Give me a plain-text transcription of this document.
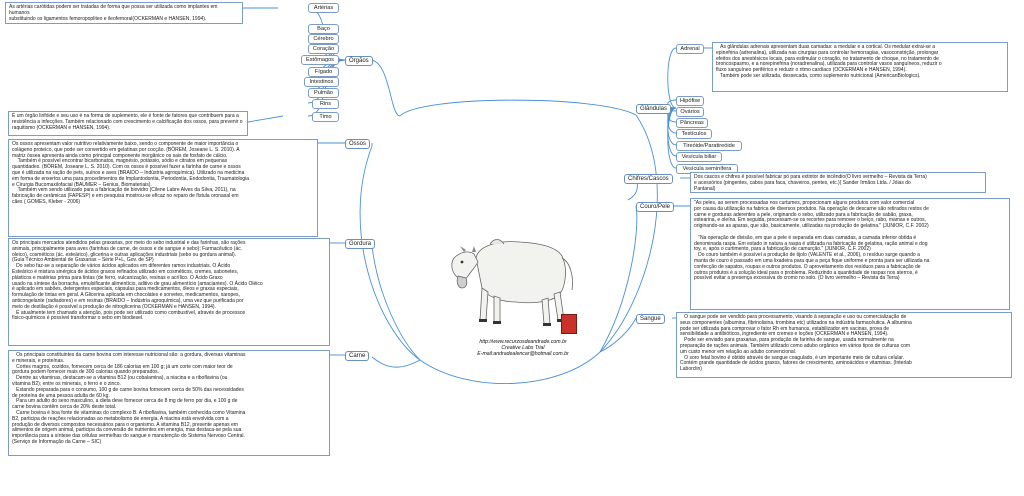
Órgãos
Artérias
Baço
Cérebro
Coração
Estômagos
Fígado
Intestinos
Pulmão
Rins
Timo
As artérias carótidas podem ser tratadas de forma que possa ser utilizada como implantes em humanos
substituindo os ligamentos femoropopliteo e ileofemoral(OCKERMAN e HANSEN, 1994).
É um órgão linfóide e seu uso é na forma de suplemento, ele é fonte de fatores que contribuem para a
resistência a infecções. Também relacionado com crescimento e calcificação dos ossos, para prevenir o
raquitismo (OCKERMAN e HANSEN, 1994).
Ossos
Os ossos apresentam valor nutritivo relativamente baixo, sendo o componente de maior importância o
colágeno proteico, que pode ser convertido em gelatinas por cocção. (BÖREM, Joseane L. S. 2010). A
matriz óssea apresenta ainda como principal componente inorgânico os sais de fosfato de cálcio.
Também é possível encontrar bicarbonatos, magnésio, potássio, sódio e citratos em pequenas
quantidades. (BÖREM, Joseane L. S. 2010). Com os ossos é possível fazer a farinha de carne e ossos
que é utilizada na ração de pets, suínos e aves (BRAIDO – Indústria agroquímica). Utilizado na medicina
em forma de enxertos uma para procedimentos de Implantodontia, Periodontia, Endodontia, Traumatologia
e Cirurgia Bucomaxilofacial (BAUMER – Genius, Biomateriais).
Também vem sendo utilizado para a fabricação de biovidro (Cilene Labre Alves da Silva, 2011), na
fabricação de cerâmicas (FAPESP) e em pesquisa mostrou-se eficaz no reparo de fístula oronasal em
cães ( GOMES, Kleber - 2006)
Gordura
Os principais mercados atendidos pelas graxarias, por meio do sebo industrial e das farinhas, são rações
animais, principalmente para aves (farinhas de carne, de ossos e de sangue e sebo); Farmacêutico (ác.
oleico), cosméticos (ác. esteárico), glicerina e outras aplicações industriais (sebo ou gordura animal).
(Guia Técnico Ambiental de Graxarias – Série P+L, Gov. de SP)
Do sebo faz-se a separação de vários ácidos aplicados em diferentes ramos industriais. O Ácido
Esteárico é mistura sinérgica de ácidos graxos refinados utilizado em cosméticos, cremes, sabonetes,
plásticos e matérias prima para tintas (de ferro, vulcanização, resinas e acrílico. O Ácido Graxo
usado na síntese da borracha, emulsificante alimentício, aditivo de grau alimentício (amaciantes). O Ácido Oléico
é aplicado em sabões, detergentes especiais, cápsulas para medicamentos, óleos e graxas especiais,
formulação de tintas em geral. A Glicerina aplicada em chocolates e sorvetes, medicamentos, xaropes,
anticongelante (radiadores) e em resinas (BRAIDO – Indústria agroquímica), uma vez que purificada por
meio de destilação é possível a produção de nitroglicerina (OCKERMAN e HANSEN, 1994).
É atualmente tem chamado a atenção, pois pode ser utilizado como combustível, através de processos
físico-químicos é possível transformar o sebo em biodiesel.
Carne
Os principais constituintes da carne bovina com interesse nutricional são: a gordura, diversas vitaminas
e minerais, e proteínas.
Cortes magros, cozidos, fornecem cerca de 186 calorias em 100 g; já um corte com maior teor de
gordura podem fornecer mais de 300 calorias quando preparados.
Dentre as vitaminas, destacam-se a vitamina B12 (ou cobalamina), a niacina e a riboflavina (ou
vitamina B2); entre os minerais, o ferro e o zinco.
Estando preparada para o consumo, 100 g de carne bovina fornecem cerca de 50% das necessidades
de proteína de uma pessoa adulta de 60 kg.
Para um adulto do sexo masculino, a dieta deve fornecer cerca de 8 mg de ferro por dia, e 100 g de
carne bovina contêm cerca de 20% deste total.
Carne bovina é boa fonte de vitaminas do complexo B. A riboflavina, também conhecida como Vitamina
B2, participa de reações relacionadas ao metabolismo de energia. A niacina está envolvida com a
produção de diversos compostos necessários para o organismo. A vitamina B12, presente apenas em
alimentos de origem animal, participa da conversão de nutrientes em energia, mas destaca-se pela sua
importância para a síntese das células vermelhas do sangue e manutenção do Sistema Nervoso Central.
(Serviço de Informação da Carne – SIC)
Glândulas
Adrenal
Hipófise
Ovários
Pâncreas
Testículos
Tireóide/Paratireóide
Vesícula biliar
Vesícula seminífera
As glândulas adrenais apresentam duas camadas: a medular e a cortical. Os medular extrai-se a
epinefrina (adrenalina), utilizada nas cirurgias para controlar hemorragias, vasoconstrição, prolongar
efeitos dos anestésicos locais, para estimular o coração, no tratamento de choque, no tratamento de
broncospasmo, e a norepinefrina (noradrenalina), utilizada para controlar vasos sanguíneos, reduzir o
fluxo sanguíneo periférico e reduzir o ritmo cardíaco (OCKERMAN e HANSEN, 1994).
Também pode ser utilizada, dessecada, como suplemento nutricional (AmericanBiologics).
Chifres/Cascos	Dos cascos e chifres é possível fabricar pó para extintor de incêndio(O livro vermelho – Revista da Terra)
e acessórios (pingentes, cabos para faca, chaveiros, pentes, etc.)( Sander Irmãos Ltda. / Jóias do
Pantanal)
Couro/Pele
"As peles, ao serem processadas nos curtumes, propocionam alguns produtos com valor comercial
por causa da utilização na fabrica de diversos produtos. Na operação de descarne são retirados restos de
carne e gorduras aderentes a pele, originando o sebo, utilizado para a fabricação de sabão, graxa,
estearina, e oleína. Em seguida, processam-se os recortes para remover o beiço, rabo, mamas e outros,
originando-se as aparas, que são, basicamente, utilizadas na produção de gelatina." (JUNIOR, C.F. 2002)

"Na operação de divisão, em que a pele é separada em duas camadas, a camada inferior obtida é
denominada raspa. Em estado in natura a raspa é utilizada na fabricação de gelatina, ração animal e dog
toy, e, após o curtimento, para a fabricação de camurção." (JUNIOR, C.F. 2002)
Do couro também é possível a produção de tijolo (VALENTE et al., 2006), o resíduo surge quando a
manta de couro é passado em uma lixadeira para que a peça fique uniforme e pronta para ser utilizada na
confecção de sapatos, roupas e outros produtos. O aproveitamento dos resíduos para a fabricação de
outros produtos é a solução ideal para o problema. Reduzindo a quantidade de raspas nos aterros, é
possível evitar a presença excessiva do cromo no solo. (O livro vermelho – Revista da Terra)
Sangue	O sangue pode ser vendido para processamento, visando à separação e uso ou comercialização de
seus componentes (albumina, fibrinolisina, trombina etc) utilizados na indústria farmacêutica. A albumina
pode ser utilizada para comprovar o fator Rh em humanos, estabilizador em vacinas, prova de
sensibilidade a antibióticos, ingrediente em cremes e loções (OCKERMAN e HANSEN, 1994).
Pode ser enviado para graxarias, para produção de farinha de sangue, usada normalmente na
preparação de rações animais. Também utilizado como adubo orgânico em vários tipos de culturas com
um custo menor em relação ao adubo convencional.
O soro fetal bovino é obtido através de sangue coagulado, é um importante meio de cultura celular.
Contém grande quantidade de ácidos graxos, fatores de crescimento, aminoácidos e vitaminas. (Interlab
Laborclin)
http://www.recurzosdeandrade.com.br
Creative Labs Trial
E-mail:andradealencar@hotmail.com.br
